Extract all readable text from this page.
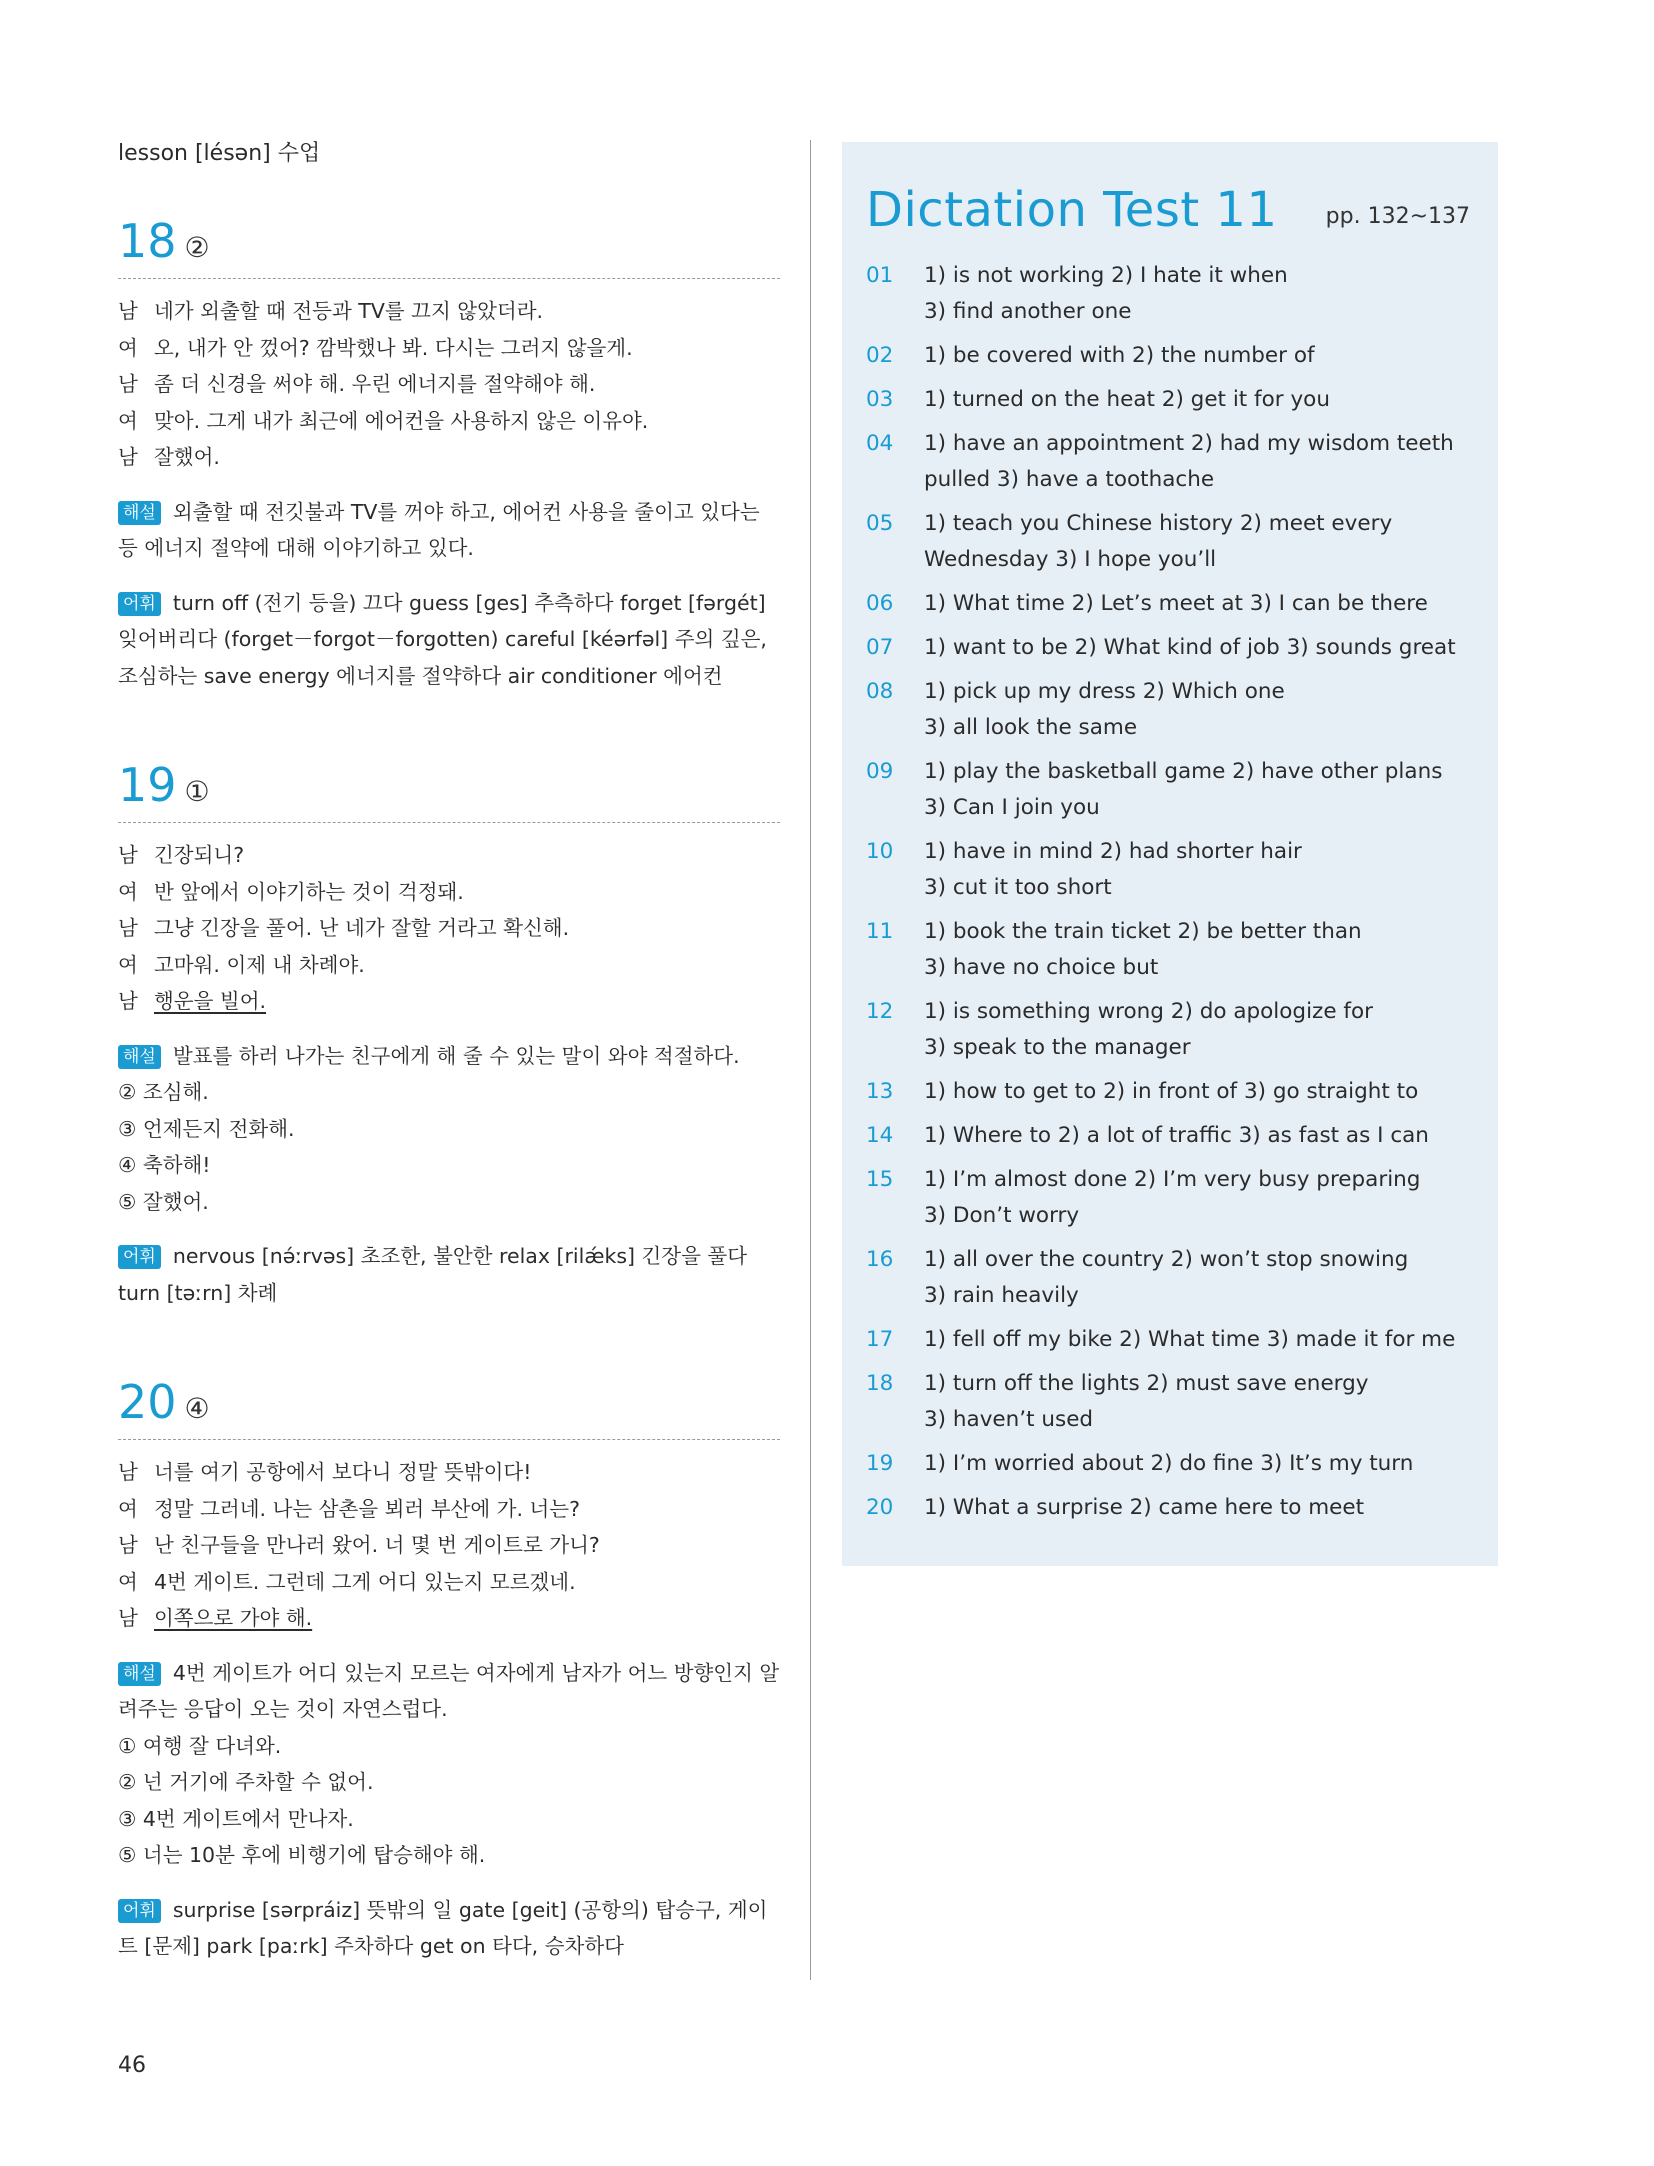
lesson [lésən] 수업
18 ②
남 네가 외출할 때 전등과 TV를 끄지 않았더라.
여 오, 내가 안 껐어? 깜박했나 봐. 다시는 그러지 않을게.
남 좀 더 신경을 써야 해. 우린 에너지를 절약해야 해.
여 맞아. 그게 내가 최근에 에어컨을 사용하지 않은 이유야.
남 잘했어.
해설 외출할 때 전깃불과 TV를 꺼야 하고, 에어컨 사용을 줄이고 있다는 등 에너지 절약에 대해 이야기하고 있다.
어휘 turn off (전기 등을) 끄다 guess [ges] 추측하다 forget [fərgét] 잊어버리다 (forget－forgot－forgotten) careful [kéərfəl] 주의 깊은, 조심하는 save energy 에너지를 절약하다 air conditioner 에어컨
19 ①
남 긴장되니?
여 반 앞에서 이야기하는 것이 걱정돼.
남 그냥 긴장을 풀어. 난 네가 잘할 거라고 확신해.
여 고마워. 이제 내 차례야.
남 행운을 빌어.
해설 발표를 하러 나가는 친구에게 해 줄 수 있는 말이 와야 적절하다.
② 조심해.
③ 언제든지 전화해.
④ 축하해!
⑤ 잘했어.
어휘 nervous [nə́ːrvəs] 초조한, 불안한 relax [rilǽks] 긴장을 풀다 turn [təːrn] 차례
20 ④
남 너를 여기 공항에서 보다니 정말 뜻밖이다!
여 정말 그러네. 나는 삼촌을 뵈러 부산에 가. 너는?
남 난 친구들을 만나러 왔어. 너 몇 번 게이트로 가니?
여 4번 게이트. 그런데 그게 어디 있는지 모르겠네.
남 이쪽으로 가야 해.
해설 4번 게이트가 어디 있는지 모르는 여자에게 남자가 어느 방향인지 알려주는 응답이 오는 것이 자연스럽다.
① 여행 잘 다녀와.
② 넌 거기에 주차할 수 없어.
③ 4번 게이트에서 만나자.
⑤ 너는 10분 후에 비행기에 탑승해야 해.
어휘 surprise [sərpráiz] 뜻밖의 일 gate [geit] (공항의) 탑승구, 게이트 [문제] park [paːrk] 주차하다 get on 타다, 승차하다
46
Dictation Test 11 pp. 132~137
01	1) is not working 2) I hate it when
3) find another one
02	1) be covered with 2) the number of
03	1) turned on the heat 2) get it for you
04	1) have an appointment 2) had my wisdom teeth
pulled 3) have a toothache
05	1) teach you Chinese history 2) meet every
Wednesday 3) I hope you’ll
06	1) What time 2) Let’s meet at 3) I can be there
07	1) want to be 2) What kind of job 3) sounds great
08	1) pick up my dress 2) Which one
3) all look the same
09	1) play the basketball game 2) have other plans
3) Can I join you
10	1) have in mind 2) had shorter hair
3) cut it too short
11	1) book the train ticket 2) be better than
3) have no choice but
12	1) is something wrong 2) do apologize for
3) speak to the manager
13	1) how to get to 2) in front of 3) go straight to
14	1) Where to 2) a lot of traffic 3) as fast as I can
15	1) I’m almost done 2) I’m very busy preparing
3) Don’t worry
16	1) all over the country 2) won’t stop snowing
3) rain heavily
17	1) fell off my bike 2) What time 3) made it for me
18	1) turn off the lights 2) must save energy
3) haven’t used
19	1) I’m worried about 2) do fine 3) It’s my turn
20	1) What a surprise 2) came here to meet
